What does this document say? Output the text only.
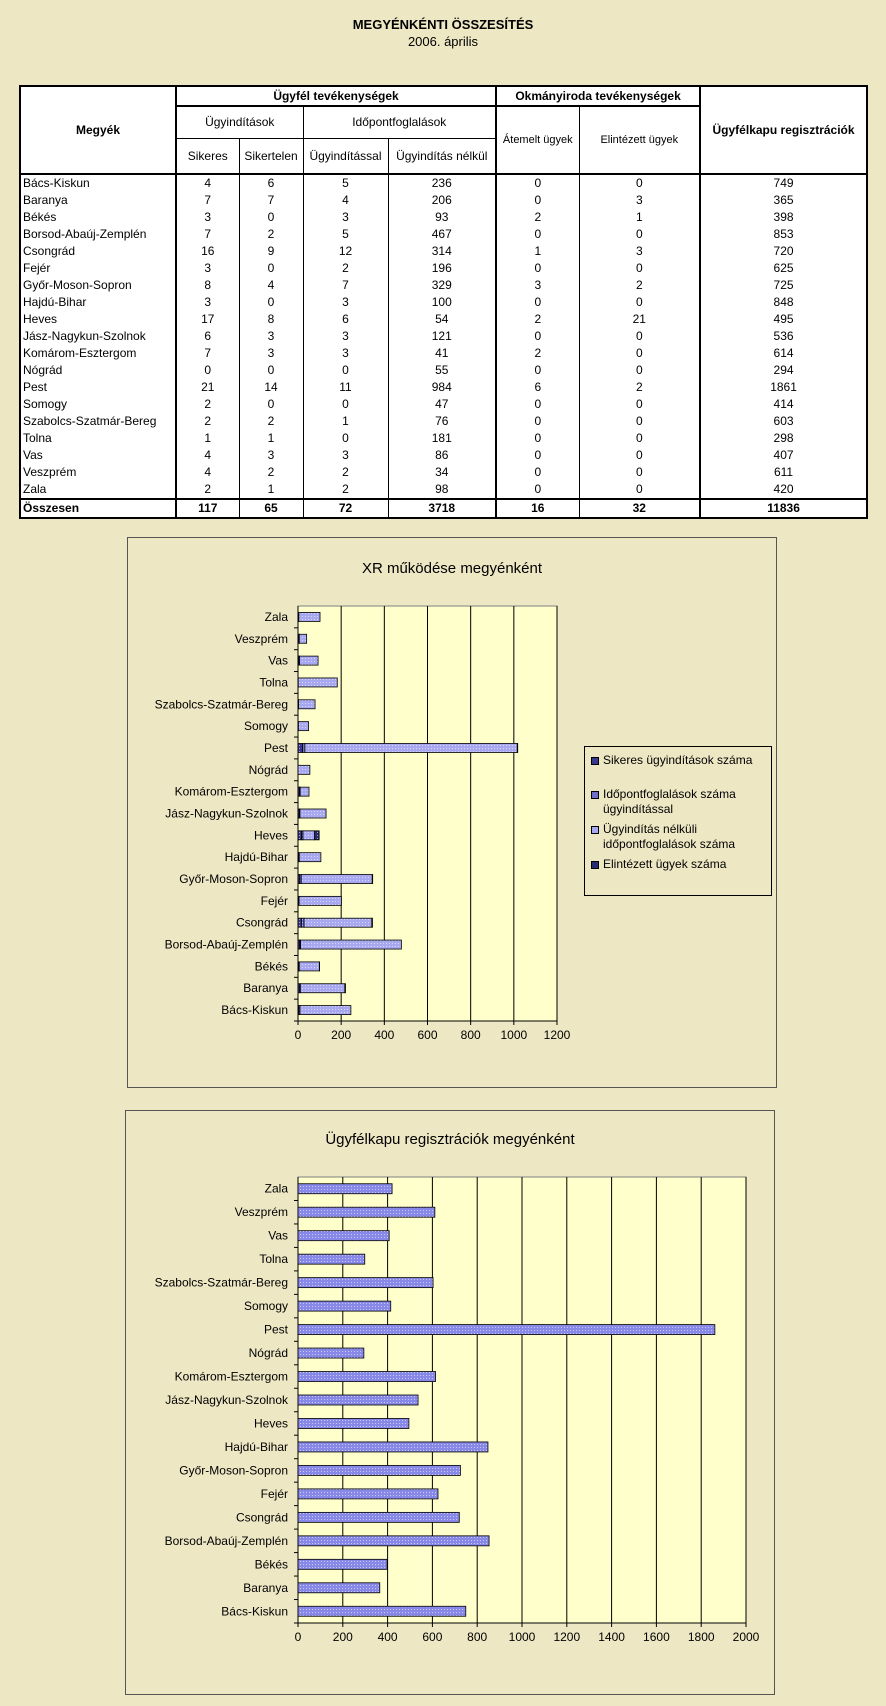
MEGYÉNKÉNTI ÖSSZESÍTÉS
2006. április
Megyék	Ügyfél tevékenységek				Okmányiroda tevékenységek		Ügyfélkapu regisztrációk
	Ügyindítások		Időpontfoglalások		Átemelt ügyek	Elintézett ügyek	
	Sikeres	Sikertelen	Ügyindítással	Ügyindítás nélkül			
Bács-Kiskun	4	6	5	236	0	0	749
Baranya	7	7	4	206	0	3	365
Békés	3	0	3	93	2	1	398
Borsod-Abaúj-Zemplén	7	2	5	467	0	0	853
Csongrád	16	9	12	314	1	3	720
Fejér	3	0	2	196	0	0	625
Győr-Moson-Sopron	8	4	7	329	3	2	725
Hajdú-Bihar	3	0	3	100	0	0	848
Heves	17	8	6	54	2	21	495
Jász-Nagykun-Szolnok	6	3	3	121	0	0	536
Komárom-Esztergom	7	3	3	41	2	0	614
Nógrád	0	0	0	55	0	0	294
Pest	21	14	11	984	6	2	1861
Somogy	2	0	0	47	0	0	414
Szabolcs-Szatmár-Bereg	2	2	1	76	0	0	603
Tolna	1	1	0	181	0	0	298
Vas	4	3	3	86	0	0	407
Veszprém	4	2	2	34	0	0	611
Zala	2	1	2	98	0	0	420
Összesen	117	65	72	3718	16	32	11836
XR működése megyénként
0 200 400 600 800 1000 1200
Bács-Kiskun
Baranya
Békés
Borsod-Abaúj-Zemplén
Csongrád
Fejér
Győr-Moson-Sopron
Hajdú-Bihar
Heves
Jász-Nagykun-Szolnok
Komárom-Esztergom
Nógrád
Pest
Somogy
Szabolcs-Szatmár-Bereg
Tolna
Vas
Veszprém
Zala
Sikeres ügyindítások száma
Időpontfoglalások száma ügyindítással
Ügyindítás nélküli időpontfoglalások száma
Elintézett ügyek száma
Ügyfélkapu regisztrációk megyénként
0	200 400 600 800 1000 1200 1400 1600 1800 2000
Bács-Kiskun
Baranya
Békés
Borsod-Abaúj-Zemplén
Csongrád
Fejér
Győr-Moson-Sopron
Hajdú-Bihar
Heves
Jász-Nagykun-Szolnok
Komárom-Esztergom
Nógrád
Pest
Somogy
Szabolcs-Szatmár-Bereg
Tolna
Vas
Veszprém
Zala
